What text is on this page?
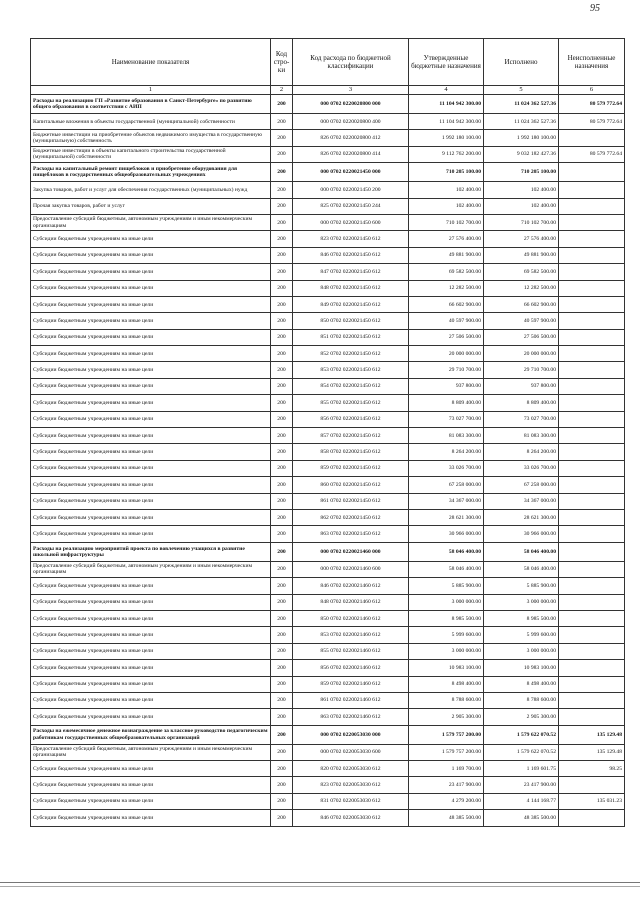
95
Наименование показателя	Код стро-ки	Код расхода по бюджетной классификации	Утвержденные бюджетные назначения	Исполнено	Неисполненные назначения
1	2	3	4	5	6
Расходы на реализацию ГП «Развитие образования в Санкт-Петербурге» по развитию общего образования в соответствии с АИП	200	000 0702 0220020800 000	11 104 942 300.00	11 024 362 527.36	80 579 772.64
Капитальные вложения в объекты государственной (муниципальной) собственности	200	000 0702 0220020800 400	11 104 942 300.00	11 024 362 527.36	80 579 772.64
Бюджетные инвестиции на приобретение объектов недвижимого имущества в государственную (муниципальную) собственность	200	826 0702 0220020800 412	1 992 180 100.00	1 992 180 100.00	
Бюджетные инвестиции в объекты капитального строительства государственной (муниципальной) собственности	200	826 0702 0220020800 414	9 112 762 200.00	9 032 182 427.36	80 579 772.64
Расходы на капитальный ремонт пищеблоков и приобретение оборудования для пищеблоков в государственных общеобразовательных учреждениях	200	000 0702 0220021450 000	710 205 100.00	710 205 100.00	
Закупка товаров, работ и услуг для обеспечения государственных (муниципальных) нужд	200	000 0702 0220021450 200	102 400.00	102 400.00	
Прочая закупка товаров, работ и услуг	200	825 0702 0220021450 244	102 400.00	102 400.00	
Предоставление субсидий бюджетным, автономным учреждениям и иным некоммерческим организациям	200	000 0702 0220021450 600	710 102 700.00	710 102 700.00	
Субсидии бюджетным учреждениям на иные цели	200	823 0702 0220021450 612	27 576 400.00	27 576 400.00	
Субсидии бюджетным учреждениям на иные цели	200	846 0702 0220021450 612	49 881 900.00	49 881 900.00	
Субсидии бюджетным учреждениям на иные цели	200	847 0702 0220021450 612	69 582 500.00	69 582 500.00	
Субсидии бюджетным учреждениям на иные цели	200	848 0702 0220021450 612	12 282 500.00	12 282 500.00	
Субсидии бюджетным учреждениям на иные цели	200	849 0702 0220021450 612	66 602 900.00	66 602 900.00	
Субсидии бюджетным учреждениям на иные цели	200	850 0702 0220021450 612	40 597 900.00	40 597 900.00	
Субсидии бюджетным учреждениям на иные цели	200	851 0702 0220021450 612	27 506 500.00	27 506 500.00	
Субсидии бюджетным учреждениям на иные цели	200	852 0702 0220021450 612	20 000 000.00	20 000 000.00	
Субсидии бюджетным учреждениям на иные цели	200	853 0702 0220021450 612	29 710 700.00	29 710 700.00	
Субсидии бюджетным учреждениям на иные цели	200	854 0702 0220021450 612	937 800.00	937 800.00	
Субсидии бюджетным учреждениям на иные цели	200	855 0702 0220021450 612	8 809 400.00	8 809 400.00	
Субсидии бюджетным учреждениям на иные цели	200	856 0702 0220021450 612	73 027 700.00	73 027 700.00	
Субсидии бюджетным учреждениям на иные цели	200	857 0702 0220021450 612	81 083 300.00	81 083 300.00	
Субсидии бюджетным учреждениям на иные цели	200	858 0702 0220021450 612	8 264 200.00	8 264 200.00	
Субсидии бюджетным учреждениям на иные цели	200	859 0702 0220021450 612	33 026 700.00	33 026 700.00	
Субсидии бюджетным учреждениям на иные цели	200	860 0702 0220021450 612	67 258 000.00	67 258 000.00	
Субсидии бюджетным учреждениям на иные цели	200	861 0702 0220021450 612	34 367 000.00	34 367 000.00	
Субсидии бюджетным учреждениям на иные цели	200	862 0702 0220021450 612	28 621 300.00	28 621 300.00	
Субсидии бюджетным учреждениям на иные цели	200	863 0702 0220021450 612	30 966 000.00	30 966 000.00	
Расходы на реализацию мероприятий проекта по вовлечению учащихся в развитие школьной инфраструктуры	200	000 0702 0220021460 000	58 046 400.00	58 046 400.00	
Предоставление субсидий бюджетным, автономным учреждениям и иным некоммерческим организациям	200	000 0702 0220021460 600	58 046 400.00	58 046 400.00	
Субсидии бюджетным учреждениям на иные цели	200	846 0702 0220021460 612	5 885 900.00	5 885 900.00	
Субсидии бюджетным учреждениям на иные цели	200	848 0702 0220021460 612	3 000 000.00	3 000 000.00	
Субсидии бюджетным учреждениям на иные цели	200	850 0702 0220021460 612	8 985 500.00	8 985 500.00	
Субсидии бюджетным учреждениям на иные цели	200	853 0702 0220021460 612	5 999 600.00	5 999 600.00	
Субсидии бюджетным учреждениям на иные цели	200	855 0702 0220021460 612	3 000 000.00	3 000 000.00	
Субсидии бюджетным учреждениям на иные цели	200	856 0702 0220021460 612	10 983 100.00	10 983 100.00	
Субсидии бюджетным учреждениям на иные цели	200	859 0702 0220021460 612	8 498 400.00	8 498 400.00	
Субсидии бюджетным учреждениям на иные цели	200	861 0702 0220021460 612	8 788 600.00	8 788 600.00	
Субсидии бюджетным учреждениям на иные цели	200	863 0702 0220021460 612	2 905 300.00	2 905 300.00	
Расходы на ежемесячное денежное вознаграждение за классное руководство педагогическим работникам государственных общеобразовательных организаций	200	000 0702 0220053030 000	1 579 757 200.00	1 579 622 070.52	135 129.48
Предоставление субсидий бюджетным, автономным учреждениям и иным некоммерческим организациям	200	000 0702 0220053030 600	1 579 757 200.00	1 579 622 070.52	135 129.48
Субсидии бюджетным учреждениям на иные цели	200	820 0702 0220053030 612	1 169 700.00	1 169 601.75	98.25
Субсидии бюджетным учреждениям на иные цели	200	823 0702 0220053030 612	23 417 900.00	23 417 900.00	
Субсидии бюджетным учреждениям на иные цели	200	831 0702 0220053030 612	4 279 200.00	4 144 168.77	135 031.23
Субсидии бюджетным учреждениям на иные цели	200	846 0702 0220053030 612	48 385 500.00	48 385 500.00	
